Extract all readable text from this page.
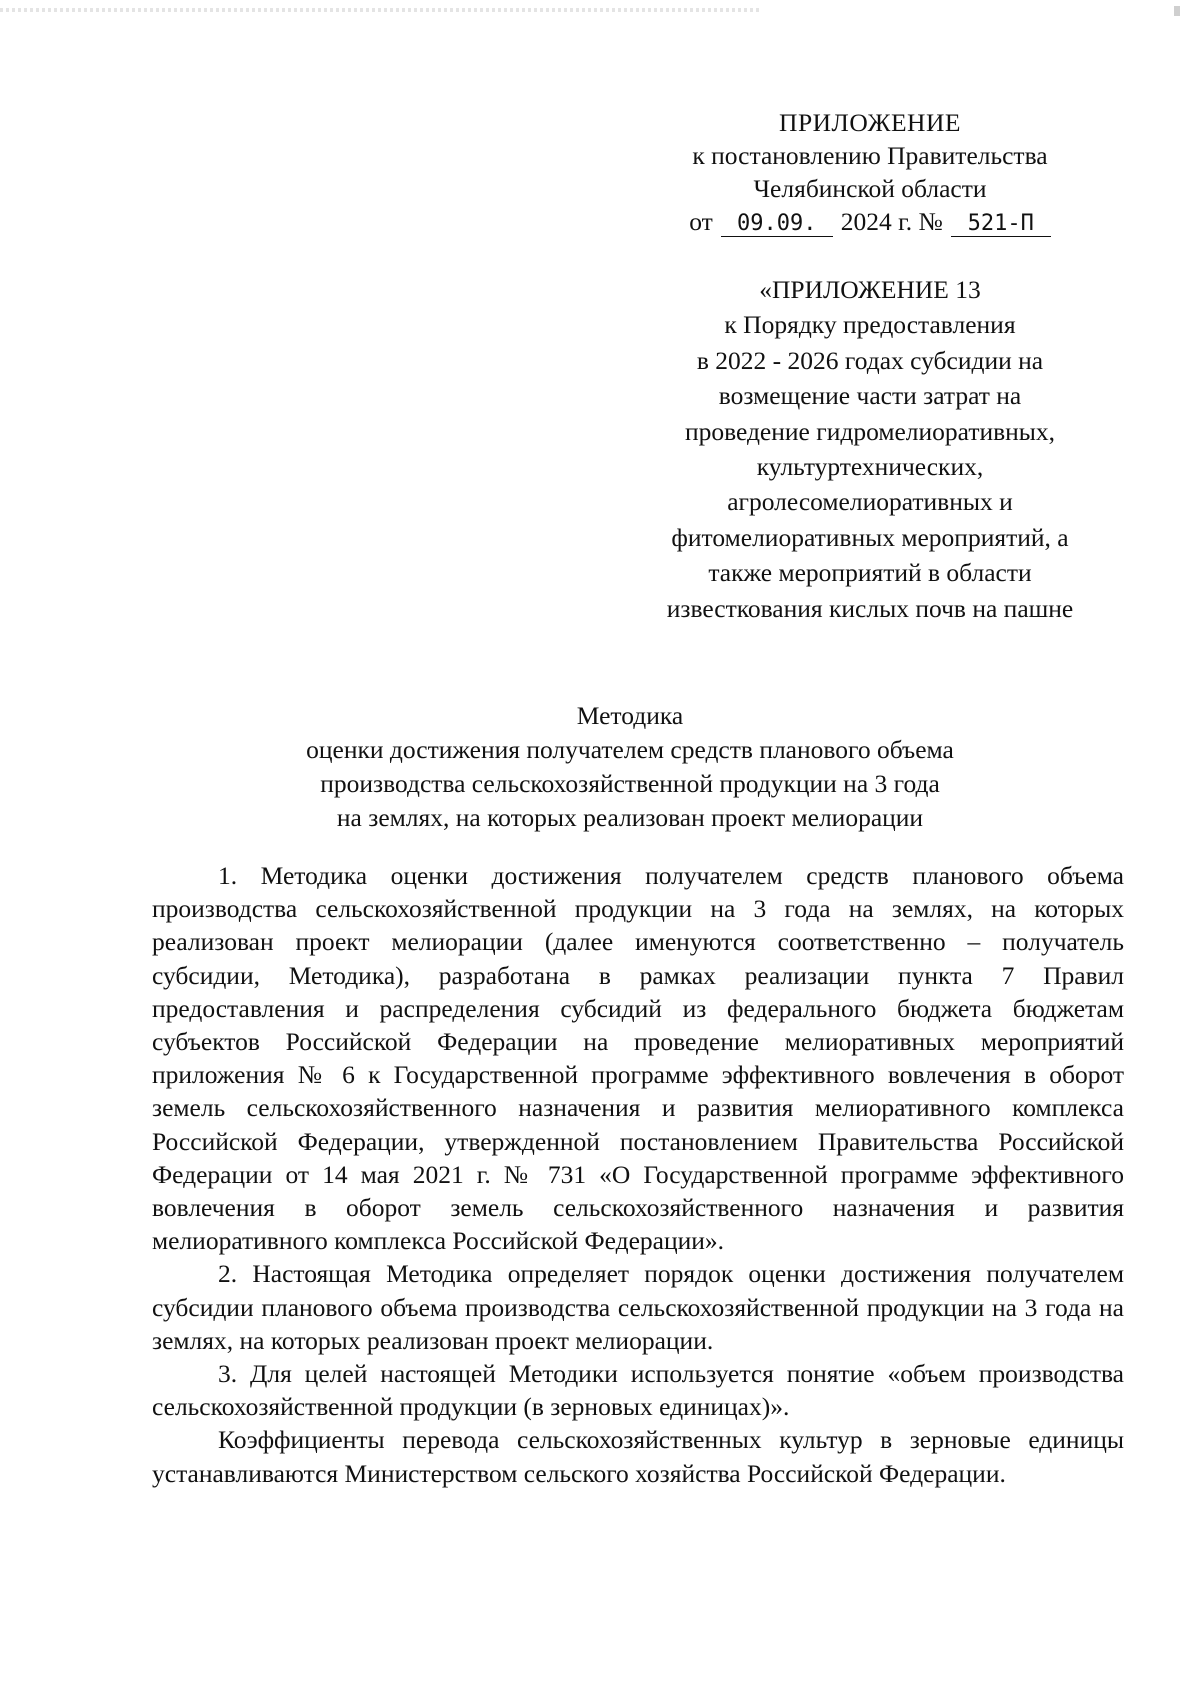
ПРИЛОЖЕНИЕ
к постановлению Правительства
Челябинской области
от	09.09. 2024 г. №	521-П
«ПРИЛОЖЕНИЕ 13
к Порядку предоставления
в 2022 - 2026 годах субсидии на
возмещение части затрат на
проведение гидромелиоративных,
культуртехнических,
агролесомелиоративных и
фитомелиоративных мероприятий, а
также мероприятий в области
известкования кислых почв на пашне
Методика
оценки достижения получателем средств планового объема
производства сельскохозяйственной продукции на 3 года
на землях, на которых реализован проект мелиорации

1. Методика оценки достижения получателем средств планового объема производства сельскохозяйственной продукции на 3 года на землях, на которых реализован проект мелиорации (далее именуются соответственно – получатель субсидии, Методика), разработана в рамках реализации пункта 7 Правил предоставления и распределения субсидий из федерального бюджета бюджетам субъектов Российской Федерации на проведение мелиоративных мероприятий приложения № 6 к Государственной программе эффективного вовлечения в оборот земель сельскохозяйственного назначения и развития мелиоративного комплекса Российской Федерации, утвержденной постановлением Правительства Российской Федерации от 14 мая 2021 г. № 731 «О Государственной программе эффективного вовлечения в оборот земель сельскохозяйственного назначения и развития мелиоративного комплекса Российской Федерации».

2. Настоящая Методика определяет порядок оценки достижения получателем субсидии планового объема производства сельскохозяйственной продукции на 3 года на землях, на которых реализован проект мелиорации.

3. Для целей настоящей Методики используется понятие «объем производства сельскохозяйственной продукции (в зерновых единицах)».

Коэффициенты перевода сельскохозяйственных культур в зерновые единицы устанавливаются Министерством сельского хозяйства Российской Федерации.
